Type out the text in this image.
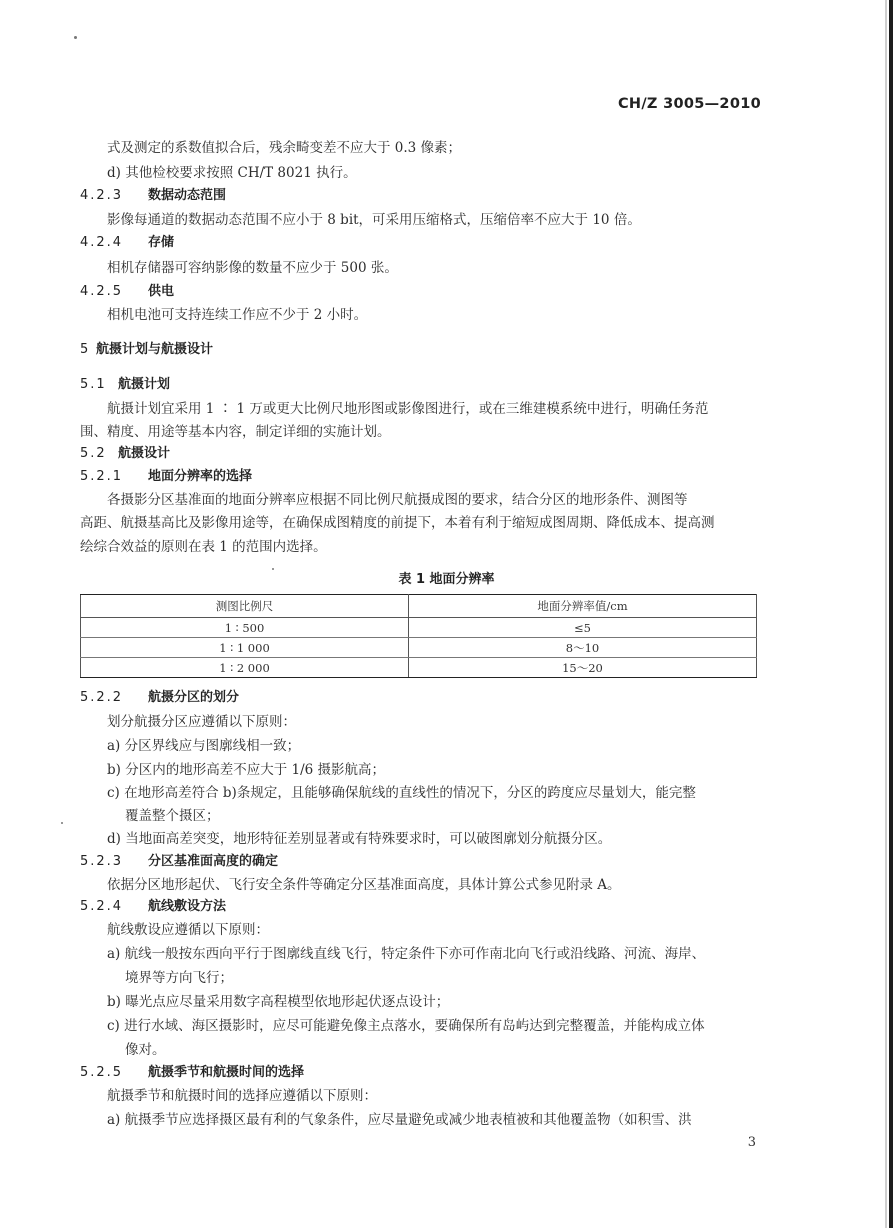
CH/Z 3005—2010
式及测定的系数值拟合后，残余畸变差不应大于 0.3 像素；
d) 其他检校要求按照 CH/T 8021 执行。
4.2.3 数据动态范围
影像每通道的数据动态范围不应小于 8 bit，可采用压缩格式，压缩倍率不应大于 10 倍。
4.2.4 存储
相机存储器可容纳影像的数量不应少于 500 张。
4.2.5 供电
相机电池可支持连续工作应不少于 2 小时。
5 航摄计划与航摄设计
5.1 航摄计划
航摄计划宜采用 1 ∶ 1 万或更大比例尺地形图或影像图进行，或在三维建模系统中进行，明确任务范
围、精度、用途等基本内容，制定详细的实施计划。
5.2 航摄设计
5.2.1 地面分辨率的选择
各摄影分区基准面的地面分辨率应根据不同比例尺航摄成图的要求，结合分区的地形条件、测图等
高距、航摄基高比及影像用途等，在确保成图精度的前提下，本着有利于缩短成图周期、降低成本、提高测
绘综合效益的原则在表 1 的范围内选择。
表 1 地面分辨率
测图比例尺	地面分辨率值/cm
1 ∶ 500	≤5
1 ∶ 1 000	8～10
1 ∶ 2 000	15～20
5.2.2 航摄分区的划分
划分航摄分区应遵循以下原则：
a) 分区界线应与图廓线相一致；
b) 分区内的地形高差不应大于 1/6 摄影航高；
c) 在地形高差符合 b)条规定，且能够确保航线的直线性的情况下，分区的跨度应尽量划大，能完整
覆盖整个摄区；
d) 当地面高差突变，地形特征差别显著或有特殊要求时，可以破图廓划分航摄分区。
5.2.3 分区基准面高度的确定
依据分区地形起伏、飞行安全条件等确定分区基准面高度，具体计算公式参见附录 A。
5.2.4 航线敷设方法
航线敷设应遵循以下原则：
a) 航线一般按东西向平行于图廓线直线飞行，特定条件下亦可作南北向飞行或沿线路、河流、海岸、
境界等方向飞行；
b) 曝光点应尽量采用数字高程模型依地形起伏逐点设计；
c) 进行水域、海区摄影时，应尽可能避免像主点落水，要确保所有岛屿达到完整覆盖，并能构成立体
像对。
5.2.5 航摄季节和航摄时间的选择
航摄季节和航摄时间的选择应遵循以下原则：
a) 航摄季节应选择摄区最有利的气象条件，应尽量避免或减少地表植被和其他覆盖物（如积雪、洪
3
